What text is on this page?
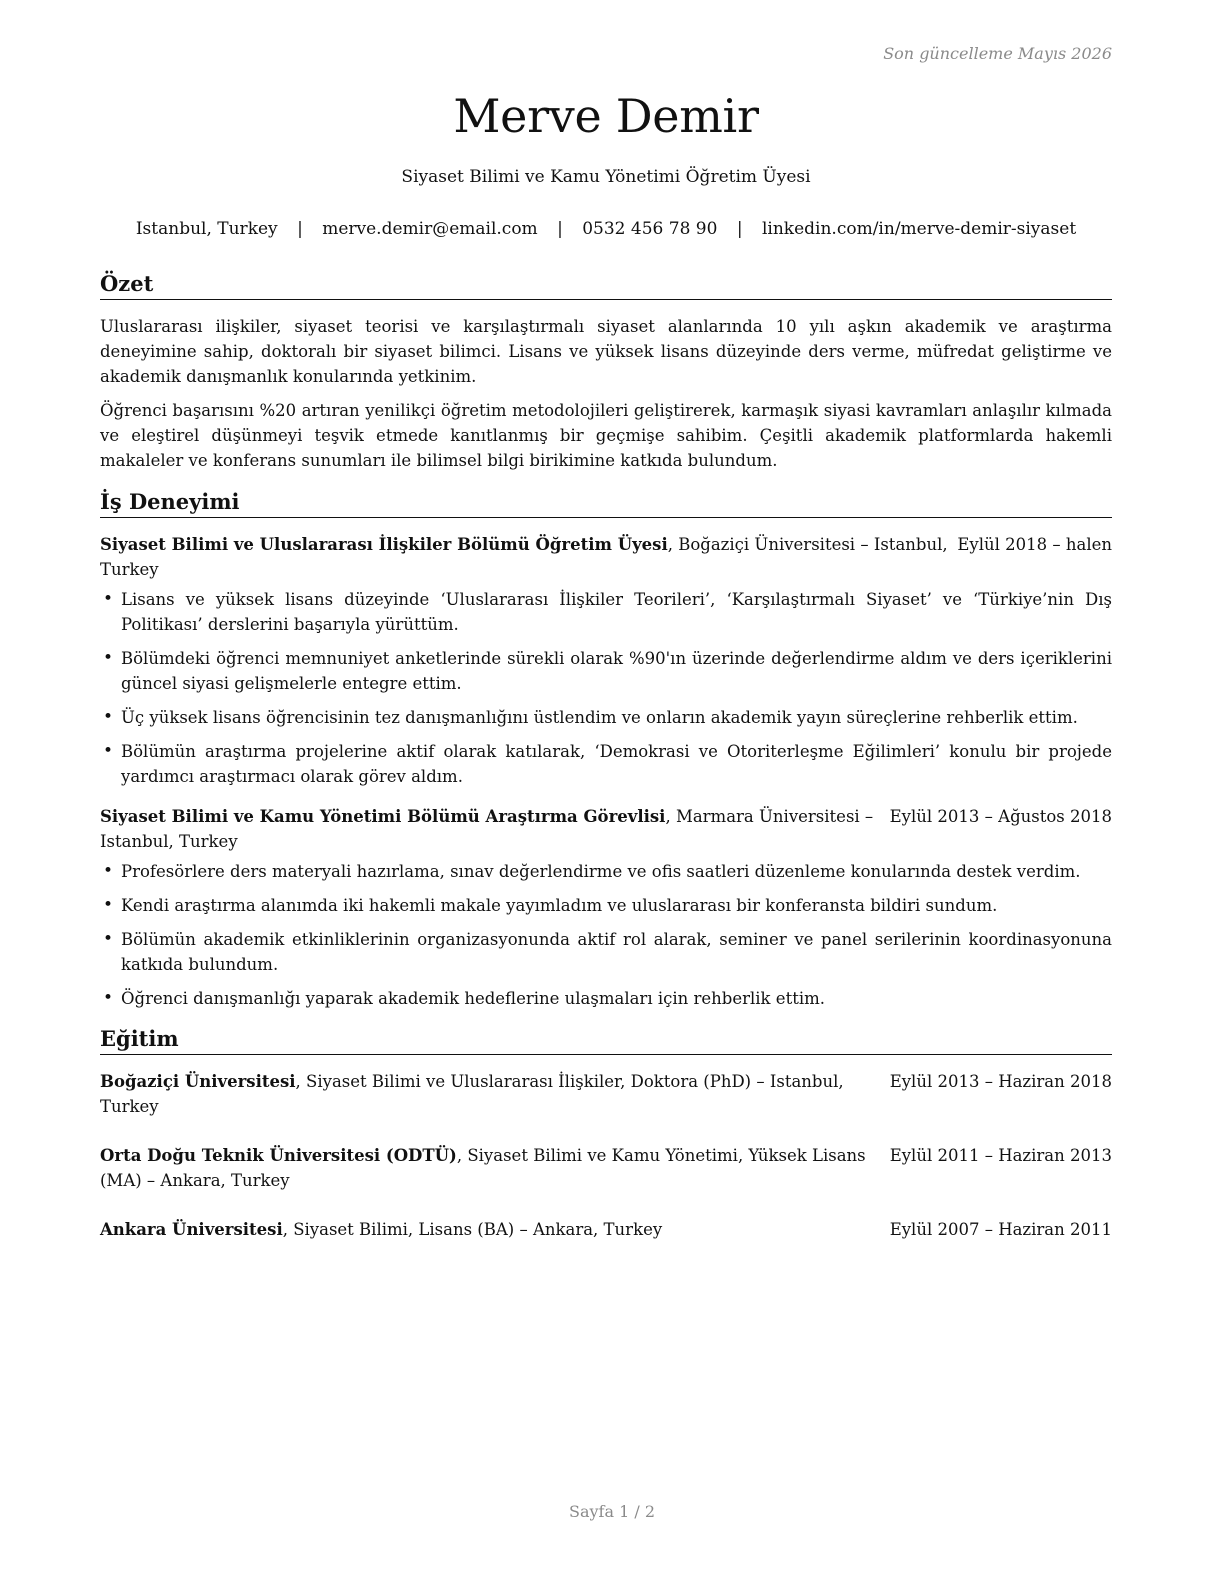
Son güncelleme Mayıs 2026
Merve Demir
Siyaset Bilimi ve Kamu Yönetimi Öğretim Üyesi
Istanbul, Turkey | merve.demir@email.com | 0532 456 78 90 | linkedin.com/in/merve-demir-siyaset
Özet

Uluslararası ilişkiler, siyaset teorisi ve karşılaştırmalı siyaset alanlarında 10 yılı aşkın akademik ve araştırma deneyimine sahip, doktoralı bir siyaset bilimci. Lisans ve yüksek lisans düzeyinde ders verme, müfredat geliştirme ve akademik danışmanlık konularında yetkinim.

Öğrenci başarısını %20 artıran yenilikçi öğretim metodolojileri geliştirerek, karmaşık siyasi kavramları anlaşılır kılmada ve eleştirel düşünmeyi teşvik etmede kanıtlanmış bir geçmişe sahibim. Çeşitli akademik platformlarda hakemli makaleler ve konferans sunumları ile bilimsel bilgi birikimine katkıda bulundum.

İş Deneyimi
Eylül 2018 – halen
Siyaset Bilimi ve Uluslararası İlişkiler Bölümü Öğretim Üyesi, Boğaziçi Üniversitesi – Istanbul, Turkey
• Lisans ve yüksek lisans düzeyinde ‘Uluslararası İlişkiler Teorileri’, ‘Karşılaştırmalı Siyaset’ ve ‘Türkiye’nin Dış Politikası’ derslerini başarıyla yürüttüm.
• Bölümdeki öğrenci memnuniyet anketlerinde sürekli olarak %90'ın üzerinde değerlendirme aldım ve ders içeriklerini güncel siyasi gelişmelerle entegre ettim.
• Üç yüksek lisans öğrencisinin tez danışmanlığını üstlendim ve onların akademik yayın süreçlerine rehberlik ettim.
• Bölümün araştırma projelerine aktif olarak katılarak, ‘Demokrasi ve Otoriterleşme Eğilimleri’ konulu bir projede yardımcı araştırmacı olarak görev aldım.
Eylül 2013 – Ağustos 2018
Siyaset Bilimi ve Kamu Yönetimi Bölümü Araştırma Görevlisi, Marmara Üniversitesi – Istanbul, Turkey
• Profesörlere ders materyali hazırlama, sınav değerlendirme ve ofis saatleri düzenleme konularında destek verdim.
• Kendi araştırma alanımda iki hakemli makale yayımladım ve uluslararası bir konferansta bildiri sundum.
• Bölümün akademik etkinliklerinin organizasyonunda aktif rol alarak, seminer ve panel serilerinin koordinasyonuna katkıda bulundum.
• Öğrenci danışmanlığı yaparak akademik hedeflerine ulaşmaları için rehberlik ettim.
Eğitim
Eylül 2013 – Haziran 2018
Boğaziçi Üniversitesi, Siyaset Bilimi ve Uluslararası İlişkiler, Doktora (PhD) – Istanbul, Turkey
Eylül 2011 – Haziran 2013
Orta Doğu Teknik Üniversitesi (ODTÜ), Siyaset Bilimi ve Kamu Yönetimi, Yüksek Lisans (MA) – Ankara, Turkey
Eylül 2007 – Haziran 2011
Ankara Üniversitesi, Siyaset Bilimi, Lisans (BA) – Ankara, Turkey
Sayfa 1 / 2
